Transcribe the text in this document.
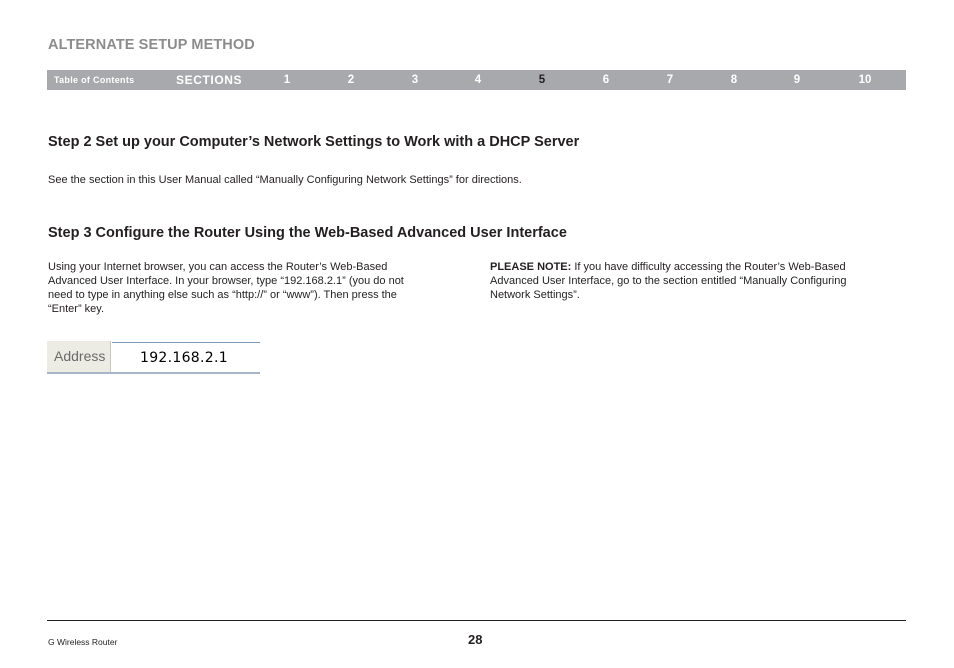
ALTERNATE SETUP METHOD
Table of Contents	SECTIONS	1	2	3	4	5	6	7	8	9	10
Step 2 Set up your Computer’s Network Settings to Work with a DHCP Server

See the section in this User Manual called “Manually Configuring Network Settings” for directions.

Step 3 Configure the Router Using the Web-Based Advanced User Interface
Using your Internet browser, you can access the Router’s Web-Based
Advanced User Interface. In your browser, type “192.168.2.1” (you do not
need to type in anything else such as “http://” or “www”). Then press the
“Enter” key.
PLEASE NOTE: If you have difficulty accessing the Router’s Web-Based
Advanced User Interface, go to the section entitled “Manually Configuring
Network Settings”.
Address	192.168.2.1
G Wireless Router	28
